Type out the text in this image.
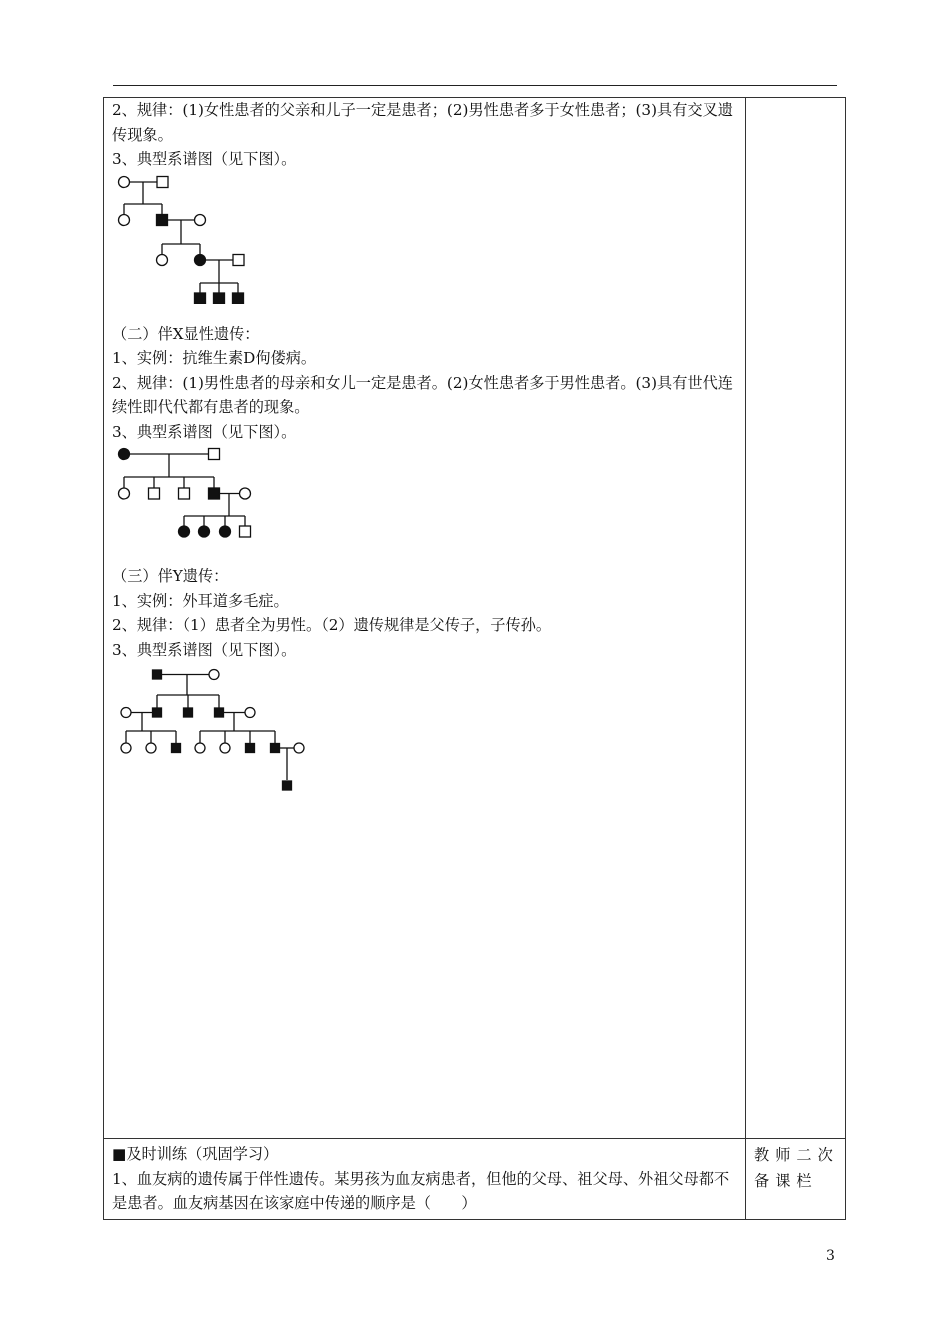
2、规律：(1)女性患者的父亲和儿子一定是患者；(2)男性患者多于女性患者；(3)具有交叉遗传现象。

3、典型系谱图（见下图）。

（二）伴X显性遗传：

1、实例：抗维生素D佝偻病。

2、规律：(1)男性患者的母亲和女儿一定是患者。(2)女性患者多于男性患者。(3)具有世代连续性即代代都有患者的现象。

3、典型系谱图（见下图）。

（三）伴Y遗传：

1、实例：外耳道多毛症。

2、规律：（1）患者全为男性。（2）遗传规律是父传子，子传孙。

3、典型系谱图（见下图）。

■及时训练（巩固学习）

1、血友病的遗传属于伴性遗传。某男孩为血友病患者，但他的父母、祖父母、外祖父母都不是患者。血友病基因在该家庭中传递的顺序是（　　）

教师二次备课栏
3
